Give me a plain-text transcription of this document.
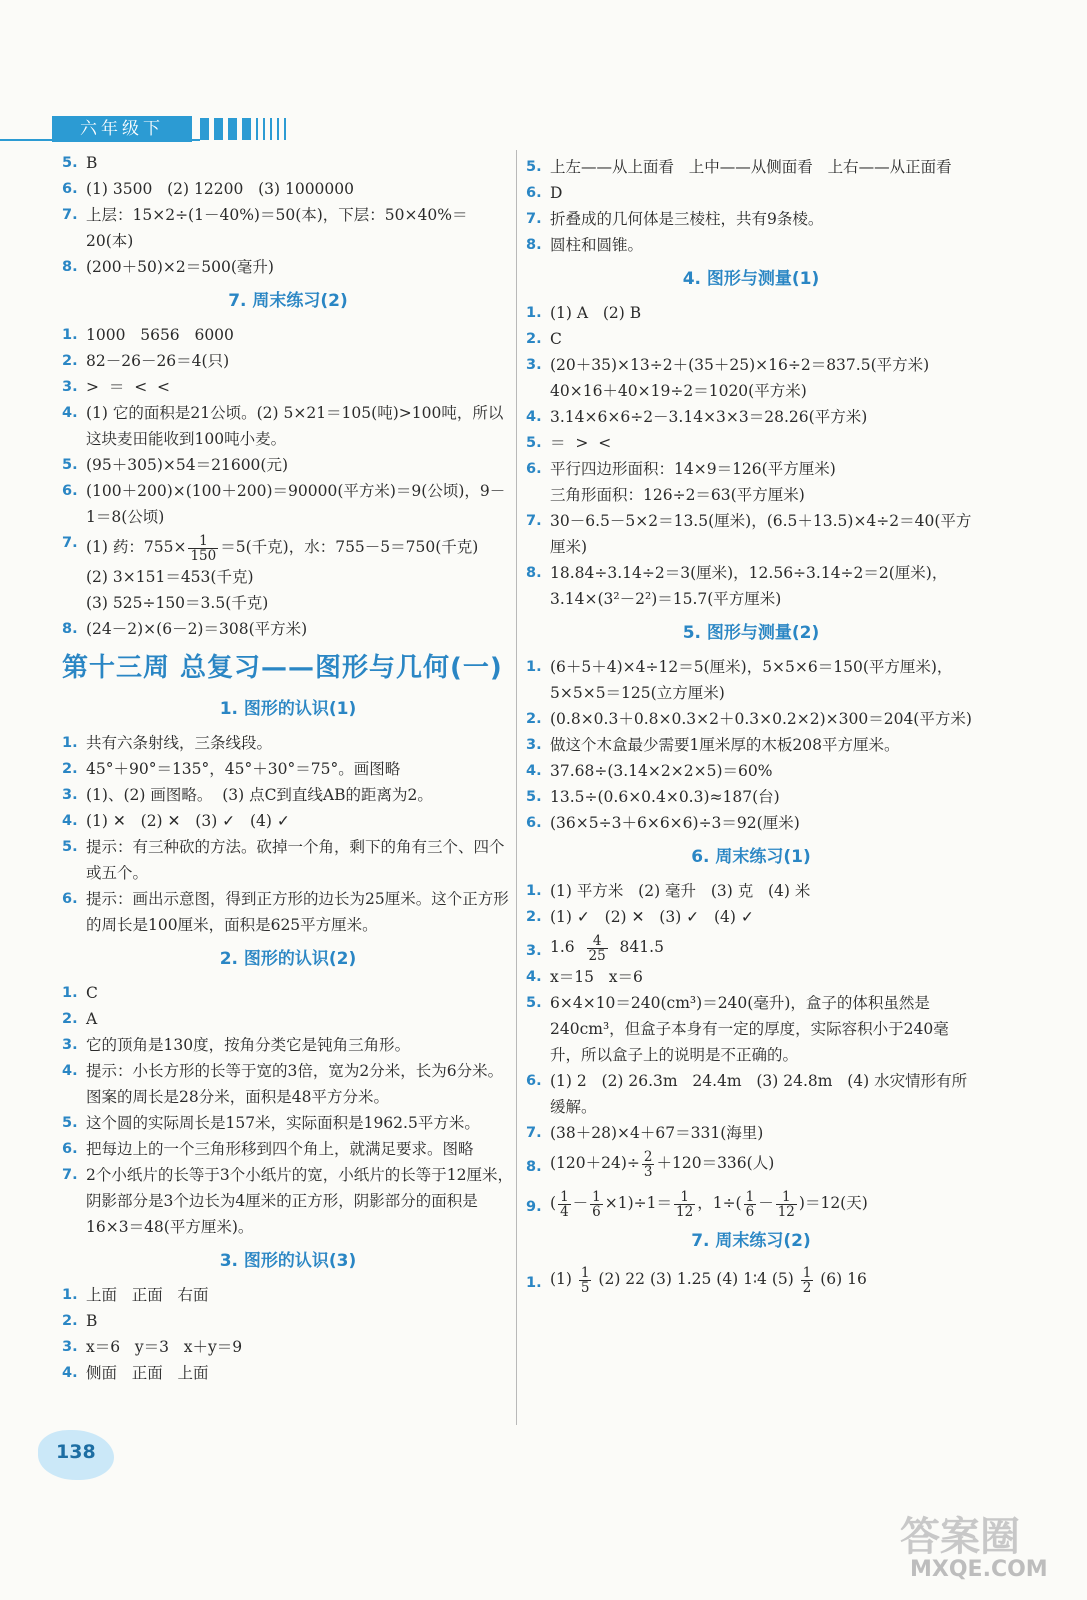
六年级下
5. B
6. (1) 3500   (2) 12200   (3) 1000000
7. 上层：15×2÷(1－40%)＝50(本)，下层：50×40%＝20(本)
8. (200＋50)×2＝500(毫升)
7. 周末练习(2)
1. 1000   5656   6000
2. 82－26－26＝4(只)
3. >  ＝  <  <
4. (1) 它的面积是21公顷。(2) 5×21＝105(吨)>100吨，所以这块麦田能收到100吨小麦。
5. (95＋305)×54＝21600(元)
6. (100＋200)×(100＋200)＝90000(平方米)＝9(公顷)，9－1＝8(公顷)
7. (1) 药：$755\times \frac{1}{150} =5$(千克)，水：755－5＝750(千克)
(2) 3×151＝453(千克)
(3) 525÷150＝3.5(千克)
8. (24－2)×(6－2)＝308(平方米)
第十三周 总复习——图形与几何(一)
1. 图形的认识(1)
1. 共有六条射线，三条线段。
2. 45°＋90°＝135°，45°＋30°＝75°。画图略
3. (1)、(2) 画图略。  (3) 点C到直线AB的距离为2。
4. (1) ✕   (2) ✕   (3) ✓   (4) ✓
5. 提示：有三种砍的方法。砍掉一个角，剩下的角有三个、四个或五个。
6. 提示：画出示意图，得到正方形的边长为25厘米。这个正方形的周长是100厘米，面积是625平方厘米。
2. 图形的认识(2)
1. C
2. A
3. 它的顶角是130度，按角分类它是钝角三角形。
4. 提示：小长方形的长等于宽的3倍，宽为2分米，长为6分米。图案的周长是28分米，面积是48平方分米。
5. 这个圆的实际周长是157米，实际面积是1962.5平方米。
6. 把每边上的一个三角形移到四个角上，就满足要求。图略
7. 2个小纸片的长等于3个小纸片的宽，小纸片的长等于12厘米，阴影部分是3个边长为4厘米的正方形，阴影部分的面积是16×3＝48(平方厘米)。
3. 图形的认识(3)
1. 上面   正面   右面
2. B
3. x＝6   y＝3   x＋y＝9
4. 侧面   正面   上面
5. 上左——从上面看   上中——从侧面看   上右——从正面看
6. D
7. 折叠成的几何体是三棱柱，共有9条棱。
8. 圆柱和圆锥。
4. 图形与测量(1)
1. (1) A   (2) B
2. C
3. (20＋35)×13÷2＋(35＋25)×16÷2＝837.5(平方米)
40×16＋40×19÷2＝1020(平方米)
4. 3.14×6×6÷2－3.14×3×3＝28.26(平方米)
5. ＝  >  <
6. 平行四边形面积：14×9＝126(平方厘米)
三角形面积：126÷2＝63(平方厘米)
7. 30－6.5－5×2＝13.5(厘米)，(6.5＋13.5)×4÷2＝40(平方厘米)
8. 18.84÷3.14÷2＝3(厘米)，12.56÷3.14÷2＝2(厘米)，3.14×(3²－2²)＝15.7(平方厘米)
5. 图形与测量(2)
1. (6＋5＋4)×4÷12＝5(厘米)，5×5×6＝150(平方厘米)，5×5×5＝125(立方厘米)
2. (0.8×0.3＋0.8×0.3×2＋0.3×0.2×2)×300＝204(平方米)
3. 做这个木盒最少需要1厘米厚的木板208平方厘米。
4. 37.68÷(3.14×2×2×5)＝60%
5. 13.5÷(0.6×0.4×0.3)≈187(台)
6. (36×5÷3＋6×6×6)÷3＝92(厘米)
6. 周末练习(1)
1. (1) 平方米   (2) 毫升   (3) 克   (4) 米
2. (1) ✓   (2) ✕   (3) ✓   (4) ✓
3. $1.6 \frac{4}{25} 841.5$
4. x＝15   x＝6
5. 6×4×10＝240(cm³)＝240(毫升)，盒子的体积虽然是240cm³，但盒子本身有一定的厚度，实际容积小于240毫升，所以盒子上的说明是不正确的。
6. (1) 2   (2) 26.3m   24.4m   (3) 24.8m   (4) 水灾情形有所缓解。
7. (38＋28)×4＋67＝331(海里)
8. $(120+24)\div \frac{2}{3} +120=336$(人)
9. ( $\frac{1}{4} - \frac{1}{6} \times 1)\div 1= \frac{1}{12}$ ，$1\div( \frac{1}{6} - \frac{1}{12} )=12$(天)
7. 周末练习(2)
1. $(1) \frac{1}{5} (2)$ 22 (3) 1.25 (4) 1∶4 $(5) \frac{1}{2} (6)$ 16
138
答案圈
MXQE.COM
